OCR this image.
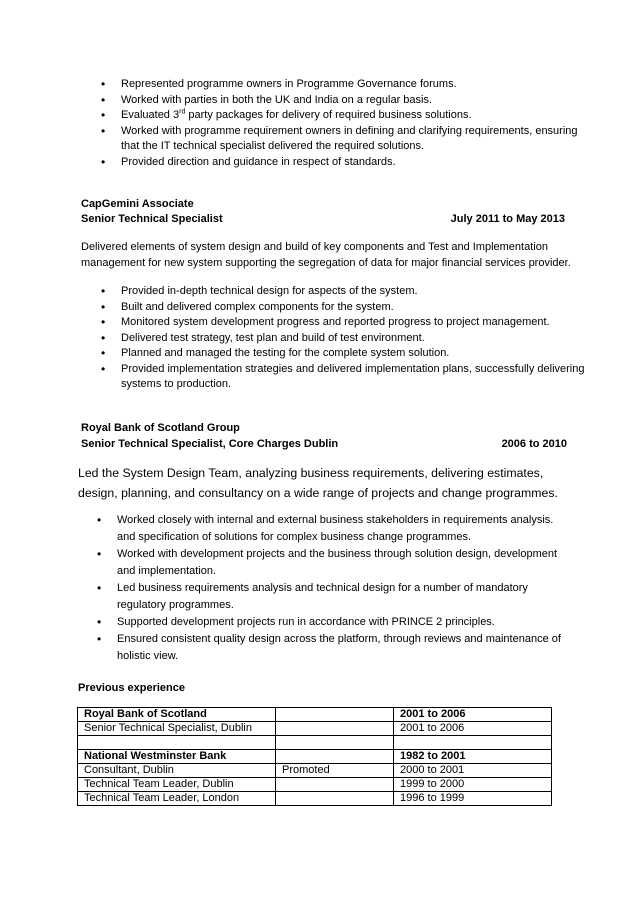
• Represented programme owners in Programme Governance forums.
• Worked with parties in both the UK and India on a regular basis.
• Evaluated 3rd party packages for delivery of required business solutions.
• Worked with programme requirement owners in defining and clarifying requirements, ensuring that the IT technical specialist delivered the required solutions.
• Provided direction and guidance in respect of standards.
CapGemini Associate
Senior Technical Specialist	July 2011 to May 2013
Delivered elements of system design and build of key components and Test and Implementation management for new system supporting the segregation of data for major financial services provider.
• Provided in-depth technical design for aspects of the system.
• Built and delivered complex components for the system.
• Monitored system development progress and reported progress to project management.
• Delivered test strategy, test plan and build of test environment.
• Planned and managed the testing for the complete system solution.
• Provided implementation strategies and delivered implementation plans, successfully delivering systems to production.
Royal Bank of Scotland Group
Senior Technical Specialist, Core Charges Dublin	2006 to 2010
Led the System Design Team, analyzing business requirements, delivering estimates, design, planning, and consultancy on a wide range of projects and change programmes.
• Worked closely with internal and external business stakeholders in requirements analysis. and specification of solutions for complex business change programmes.
• Worked with development projects and the business through solution design, development and implementation.
• Led business requirements analysis and technical design for a number of mandatory regulatory programmes.
• Supported development projects run in accordance with PRINCE 2 principles.
• Ensured consistent quality design across the platform, through reviews and maintenance of holistic view.
Previous experience
Royal Bank of Scotland		2001 to 2006
Senior Technical Specialist, Dublin		2001 to 2006

National Westminster Bank		1982 to 2001
Consultant, Dublin	Promoted	2000 to 2001
Technical Team Leader, Dublin		1999 to 2000
Technical Team Leader, London		1996 to 1999
